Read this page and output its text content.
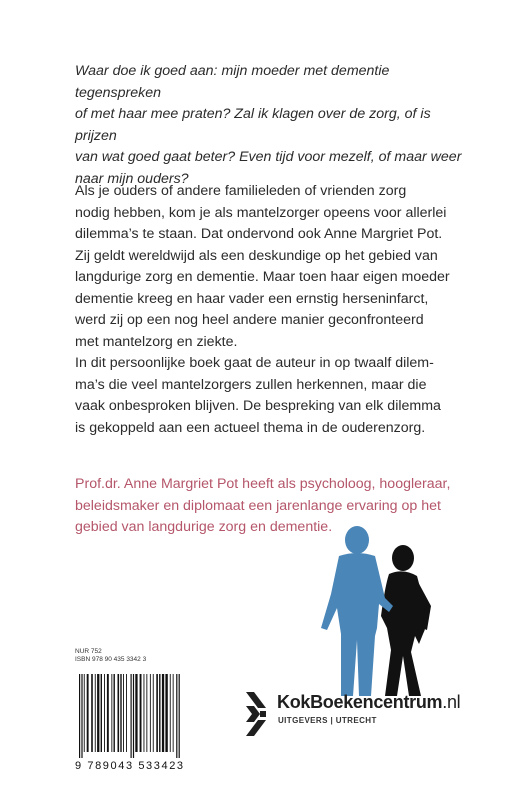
Waar doe ik goed aan: mijn moeder met dementie tegenspreken
of met haar mee praten? Zal ik klagen over de zorg, of is prijzen
van wat goed gaat beter? Even tijd voor mezelf, of maar weer
naar mijn ouders?

Als je ouders of andere familieleden of vrienden zorg
nodig hebben, kom je als mantelzorger opeens voor allerlei
dilemma’s te staan. Dat ondervond ook Anne Margriet Pot.
Zij geldt wereldwijd als een deskundige op het gebied van
langdurige zorg en dementie. Maar toen haar eigen moeder
dementie kreeg en haar vader een ernstig herseninfarct,
werd zij op een nog heel andere manier geconfronteerd
met mantelzorg en ziekte.

In dit persoonlijke boek gaat de auteur in op twaalf dilem-
ma’s die veel mantelzorgers zullen herkennen, maar die
vaak onbesproken blijven. De bespreking van elk dilemma
is gekoppeld aan een actueel thema in de ouderenzorg.

Prof.dr. Anne Margriet Pot heeft als psycholoog, hoogleraar,
beleidsmaker en diplomaat een jarenlange ervaring op het
gebied van langdurige zorg en dementie.
NUR 752
ISBN 978 90 435 3342 3
9 789043 533423
KokBoekencentrum.nl
UITGEVERS | UTRECHT
